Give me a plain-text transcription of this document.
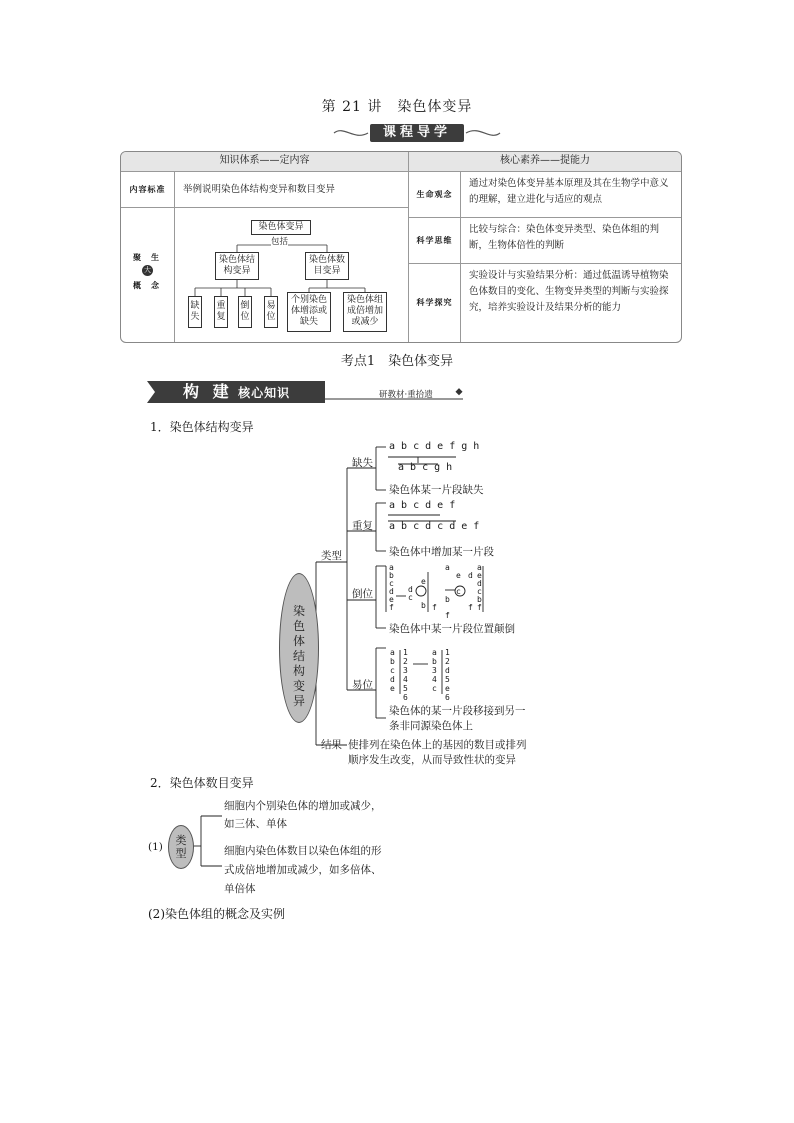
第 21 讲　染色体变异
课程导学
知识体系——定内容	核心素养——提能力
内容标准	举例说明染色体结构变异和数目变异
聚 生
大
概 念
染色体变异
包括
染色体结构变异
染色体数目变异
缺失
重复
倒位
易位
个别染色体增添或缺失
染色体组成倍增加或减少
生命观念
通过对染色体变异基本原理及其在生物学中意义的理解，建立进化与适应的观点
科学思维
比较与综合：染色体变异类型、染色体组的判断，生物体倍性的判断
科学探究
实验设计与实验结果分析：通过低温诱导植物染色体数目的变化、生物变异类型的判断与实验探究，培养实验设计及结果分析的能力
考点1　染色体变异
构 建 核心知识	研教材·重拾遗
1．染色体结构变异
染色体结构变异
类型
结果
缺失
a b c d e f g h
a b c g h
染色体某一片段缺失
重复
a b c d e f
a b c d c d e f
染色体中增加某一片段
倒位
a
b
c
d
e
f
d
c
e

b f
a

b

f
e

c
d

f
a
e
d
c
b
f
染色体中某一片段位置颠倒
易位
a
b
c
d
e
1
2
3
4
5
6
a
b
3
4
c
1
2
d
5
e
6
染色体的某一片段移接到另一
条非同源染色体上
使排列在染色体上的基因的数目或排列
顺序发生改变，从而导致性状的变异
2．染色体数目变异
(1) 类型
细胞内个别染色体的增加或减少，
如三体、单体
细胞内染色体数目以染色体组的形
式成倍地增加或减少，如多倍体、
单倍体
(2)染色体组的概念及实例
